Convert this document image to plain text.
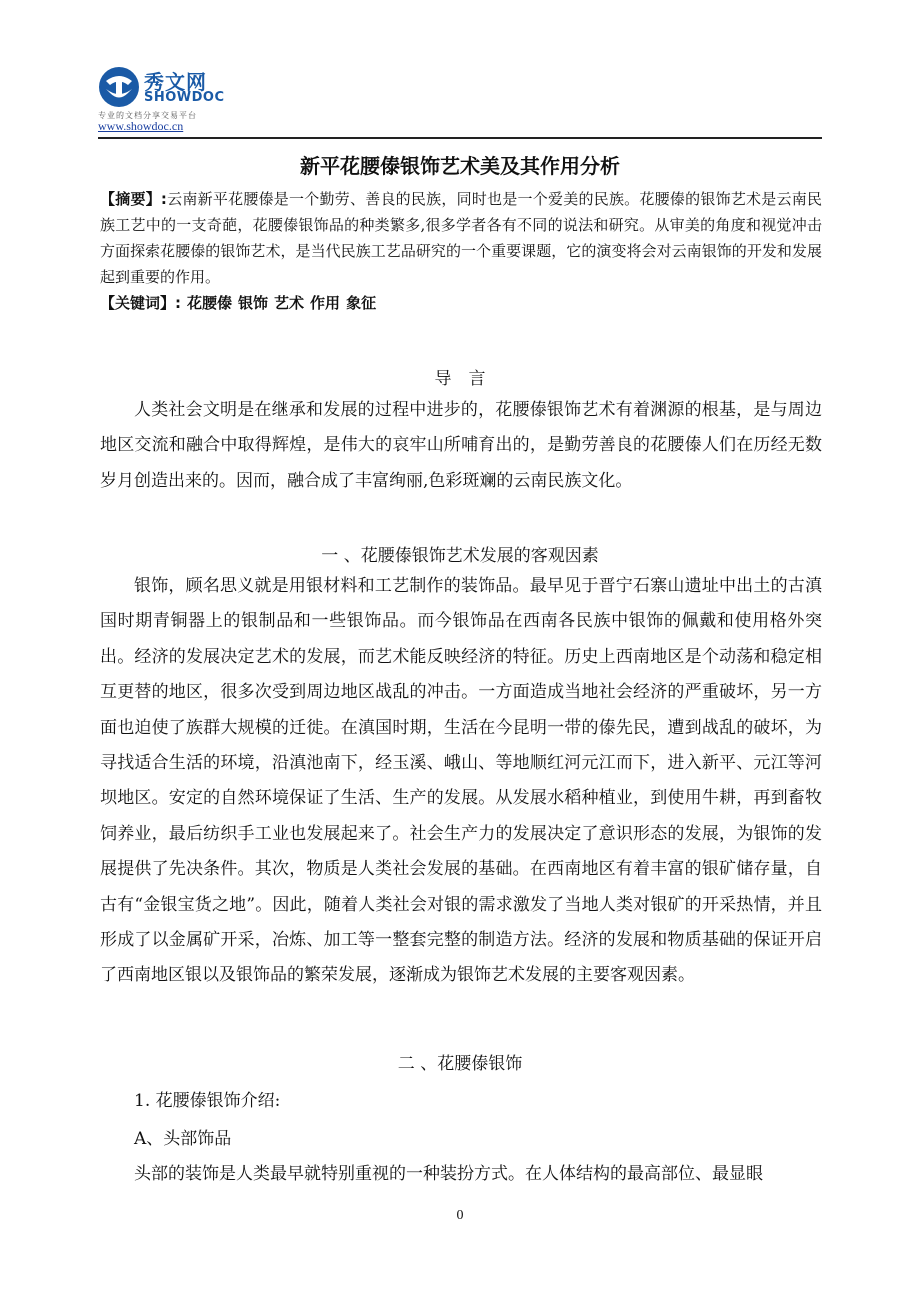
秀文网
SHOWDOC
专业的文档分享交易平台
www.showdoc.cn
新平花腰傣银饰艺术美及其作用分析
【摘要】:云南新平花腰傣是一个勤劳、善良的民族，同时也是一个爱美的民族。花腰傣的银饰艺术是云南民族工艺中的一支奇葩，花腰傣银饰品的种类繁多,很多学者各有不同的说法和研究。从审美的角度和视觉冲击方面探索花腰傣的银饰艺术，是当代民族工艺品研究的一个重要课题，它的演变将会对云南银饰的开发和发展起到重要的作用。
【关键词】: 花腰傣 银饰 艺术 作用 象征
导　言
人类社会文明是在继承和发展的过程中进步的，花腰傣银饰艺术有着渊源的根基，是与周边地区交流和融合中取得辉煌，是伟大的哀牢山所哺育出的，是勤劳善良的花腰傣人们在历经无数岁月创造出来的。因而，融合成了丰富绚丽,色彩斑斓的云南民族文化。
一 、花腰傣银饰艺术发展的客观因素
银饰，顾名思义就是用银材料和工艺制作的装饰品。最早见于晋宁石寨山遗址中出土的古滇国时期青铜器上的银制品和一些银饰品。而今银饰品在西南各民族中银饰的佩戴和使用格外突出。经济的发展决定艺术的发展，而艺术能反映经济的特征。历史上西南地区是个动荡和稳定相互更替的地区，很多次受到周边地区战乱的冲击。一方面造成当地社会经济的严重破坏，另一方面也迫使了族群大规模的迁徙。在滇国时期，生活在今昆明一带的傣先民，遭到战乱的破坏，为寻找适合生活的环境，沿滇池南下，经玉溪、峨山、等地顺红河元江而下，进入新平、元江等河坝地区。安定的自然环境保证了生活、生产的发展。从发展水稻种植业，到使用牛耕，再到畜牧饲养业，最后纺织手工业也发展起来了。社会生产力的发展决定了意识形态的发展，为银饰的发展提供了先决条件。其次，物质是人类社会发展的基础。在西南地区有着丰富的银矿储存量，自古有“金银宝货之地”。因此，随着人类社会对银的需求激发了当地人类对银矿的开采热情，并且形成了以金属矿开采，冶炼、加工等一整套完整的制造方法。经济的发展和物质基础的保证开启了西南地区银以及银饰品的繁荣发展，逐渐成为银饰艺术发展的主要客观因素。
二 、花腰傣银饰
1. 花腰傣银饰介绍:
A、头部饰品
头部的装饰是人类最早就特别重视的一种装扮方式。在人体结构的最高部位、最显眼
0
